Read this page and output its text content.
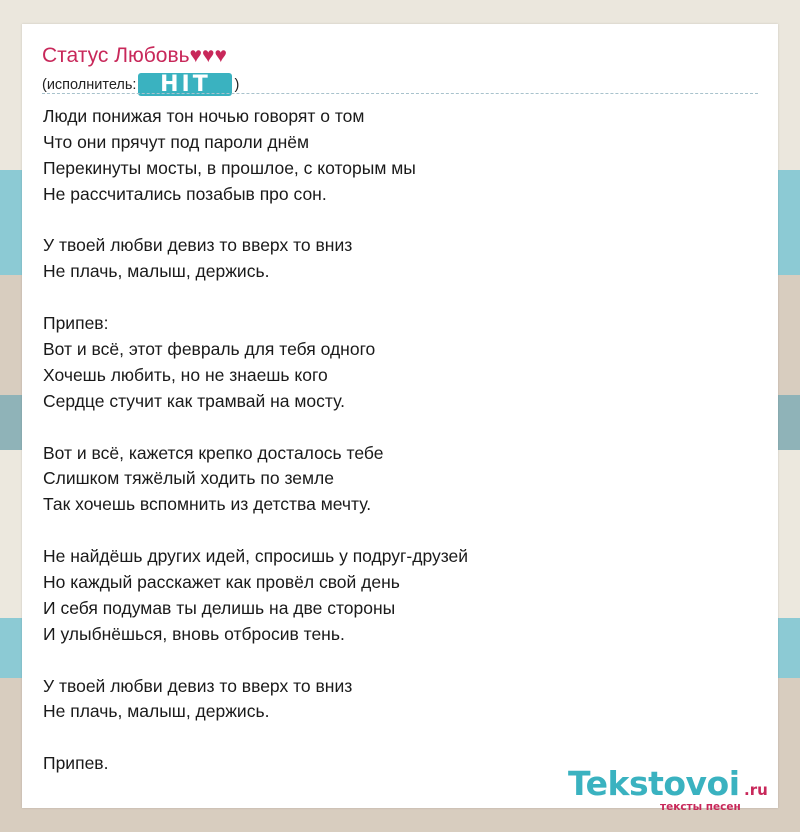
Статус Любовь♥♥♥
(исполнитель:	HIT	)
Люди понижая тон ночью говорят о том
Что они прячут под пароли днём
Перекинуты мосты, в прошлое, с которым мы
Не рассчитались позабыв про сон.
У твоей любви девиз то вверх то вниз
Не плачь, малыш, держись.
Припев:
Вот и всё, этот февраль для тебя одного
Хочешь любить, но не знаешь кого
Сердце стучит как трамвай на мосту.
Вот и всё, кажется крепко досталось тебе
Слишком тяжёлый ходить по земле
Так хочешь вспомнить из детства мечту.
Не найдёшь других идей, спросишь у подруг-друзей
Но каждый расскажет как провёл свой день
И себя подумав ты делишь на две стороны
И улыбнёшься, вновь отбросив тень.
У твоей любви девиз то вверх то вниз
Не плачь, малыш, держись.
Припев.
Tekstovoi .ru
тексты песен
